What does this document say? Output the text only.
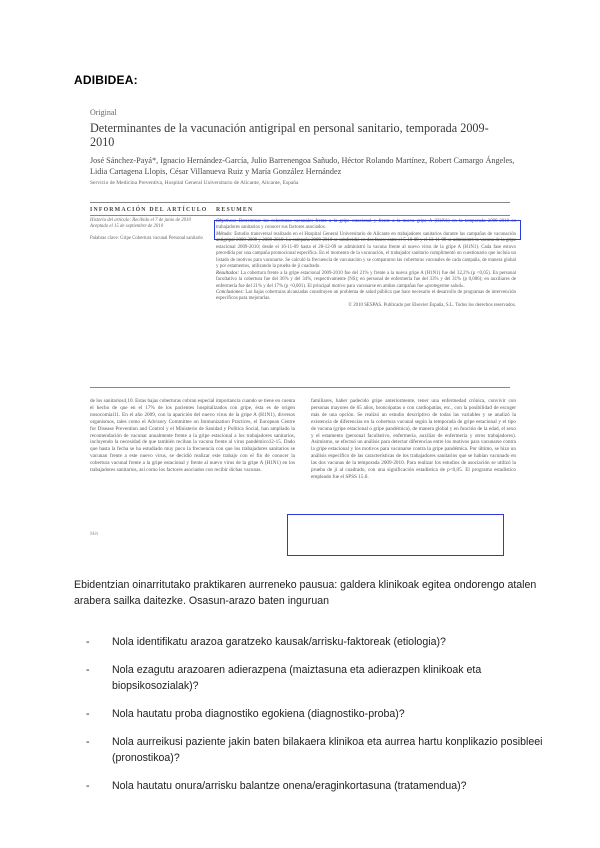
ADIBIDEA:
Original
Determinantes de la vacunación antigripal en personal sanitario, temporada 2009-2010
José Sánchez-Payá*, Ignacio Hernández-García, Julio Barrenengoa Sañudo, Héctor Rolando Martínez, Robert Camargo Ángeles, Lidia Cartagena Llopis, César Villanueva Ruiz y María González Hernández
Servicio de Medicina Preventiva, Hospital General Universitario de Alicante, Alicante, España
INFORMACIÓN DEL ARTÍCULO RESUMEN
Historia del artículo: Recibido el 7 de junio de 2010 Aceptado el 15 de septiembre de 2010
Palabras clave: Gripe Cobertura vacunal Personal sanitario
Objetivos: Determinar las coberturas vacunales frente a la gripe estacional y frente a la nueva gripe A (H1N1) en la temporada 2009-2010 en trabajadores sanitarios y conocer sus factores asociados.
Método: Estudio transversal realizado en el Hospital General Universitario de Alicante en trabajadores sanitarios durante las campañas de vacunación antigripal 2008-2009 y 2009-2010. La campaña 2009-2010 se subdividió en dos fases: entre el 5-10-09 y el 13-11-09 se administró la vacuna de la gripe estacional 2009-2010; desde el 16-11-09 hasta el 28-12-09 se administró la vacuna frente al nuevo virus de la gripe A (H1N1). Cada fase estuvo precedida por una campaña promocional específica. En el momento de la vacunación, el trabajador sanitario cumplimentó un cuestionario que incluía un listado de motivos para vacunarse. Se calculó la frecuencia de vacunación y se compararon las coberturas vacunales de cada campaña, de manera global y por estamentos, utilizando la prueba de ji cuadrado.
Resultados: La cobertura frente a la gripe estacional 2009-2010 fue del 21% y frente a la nueva gripe A (H1N1) fue del 32,2% (p <0,05). En personal facultativo la cobertura fue del 36% y del 34%, respectivamente (NS); en personal de enfermería fue del 33% y del 31% (p 0,006); en auxiliares de enfermería fue del 21% y del 17% (p <0,001). El principal motivo para vacunarse en ambas campañas fue «protegerme salud».
Conclusiones: Las bajas coberturas alcanzadas constituyen un problema de salud pública que hace necesario el desarrollo de programas de intervención específicos para mejorarlas.

© 2010 SESPAS. Publicado por Elsevier España, S.L. Todos los derechos reservados.
de los sanitarios4,10. Estas bajas coberturas cobran especial importancia cuando se tiene en cuenta el hecho de que en el 17% de los pacientes hospitalizados con gripe, ésta es de origen nosocomial11. En el año 2009, con la aparición del nuevo virus de la gripe A (H1N1), diversos organismos, tales como el Advisory Committee on Immunization Practices, el European Centre for Disease Prevention and Control y el Ministerio de Sanidad y Política Social, han ampliado la recomendación de vacunar anualmente frente a la gripe estacional a los trabajadores sanitarios, incluyendo la necesidad de que también reciban la vacuna frente al virus pandémico12-15. Dado que hasta la fecha se ha estudiado muy poco la frecuencia con que los trabajadores sanitarios se vacunan frente a este nuevo virus, se decidió realizar este trabajo con el fin de conocer la cobertura vacunal frente a la gripe estacional y frente al nuevo virus de la gripe A (H1N1) en los trabajadores sanitarios, así como los factores asociados con recibir dichas vacunas.
familiares, haber padecido gripe anteriormente, tener una enfermedad crónica, convivir con personas mayores de 65 años, broncópatas o con cardiopatías, etc., con la posibilidad de escoger más de una opción. Se realizó un estudio descriptivo de todas las variables y se analizó la existencia de diferencias en la cobertura vacunal según la temporada de gripe estacional y el tipo de vacuna (gripe estacional o gripe pandémica), de manera global y en función de la edad, el sexo y el estamento (personal facultativo, enfermería, auxiliar de enfermería y otros trabajadores). Asimismo, se efectuó un análisis para detectar diferencias entre los motivos para vacunarse contra la gripe estacional y los motivos para vacunarse contra la gripe pandémica. Por último, se hizo un análisis específico de las características de los trabajadores sanitarios que se habían vacunado en las dos vacunas de la temporada 2009-2010. Para realizar los estudios de asociación se utilizó la prueba de ji al cuadrado, con una significación estadística de p<0,05. El programa estadístico empleado fue el SPSS 15.0.
Mét
Ebidentzian oinarritutako praktikaren aurreneko pausua: galdera klinikoak egitea ondorengo atalen arabera sailka daitezke. Osasun-arazo baten inguruan
- Nola identifikatu arazoa garatzeko kausak/arrisku-faktoreak (etiologia)?
- Nola ezagutu arazoaren adierazpena (maiztasuna eta adierazpen klinikoak eta biopsikosozialak)?
- Nola hautatu proba diagnostiko egokiena (diagnostiko-proba)?
- Nola aurreikusi paziente jakin baten bilakaera klinikoa eta aurrea hartu konplikazio posibleei (pronostikoa)?
- Nola hautatu onura/arrisku balantze onena/eraginkortasuna (tratamendua)?
